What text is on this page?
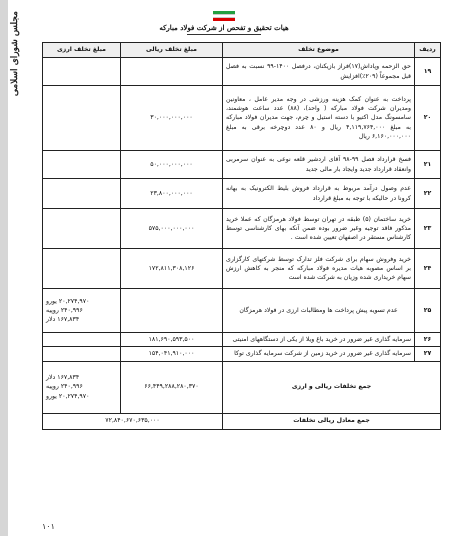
مجلس شورای اسلامی	هیات تحقیق و تفحص از شرکت فولاد مبارکه
ردیف	موضوع تخلف	مبلغ تخلف ریالی	مبلغ تخلف ارزی
۱۹	حق الزحمه وپاداش(۱۷)فراز بازیکنان، درفصل ۱۴۰۰-۹۹ نسبت به فصل قبل مجموعاً (۲۰۹٪)افزایش		
۲۰	پرداخت به عنوان کمک هزینه ورزشی در وجه مدیر عامل ، معاونین ومدیران شرکت فولاد مبارکه ( واحد)، (۸۸) عدد ساعت هوشمند، سامسونگ مدل اکتیو با دسته استیل و چرم، جهت مدیران فولاد مبارکه به مبلغ ۴,۱۱۹,۷۶۴,۰۰۰ ریال و ۸۰ عدد دوچرخه برقی به مبلغ ۶,۱۶۰,۰۰۰,۰۰۰ ریال	۳۰,۰۰۰,۰۰۰,۰۰۰	
۲۱	فسخ قرارداد فصل ۹۹-۹۸ آقای اردشیر قلعه نوعی به عنوان سرمربی وانعقاد قرارداد جدید وایجاد بار مالی جدید	۵۰,۰۰۰,۰۰۰,۰۰۰	
۲۲	عدم وصول درآمد مربوط به قرارداد فروش بلیط الکترونیک به بهانه کرونا در حالیکه با توجه به مبلغ قرارداد	۲۳,۸۰۰,۰۰۰,۰۰۰	
۲۳	خرید ساختمان (۵) طبقه در تهران توسط فولاد هرمزگان که عملا خرید مذکور فاقد توجیه وغیر ضرور بوده ضمن آنکه بهای کارشناسی توسط کارشناس مستقر در اصفهان تعیین شده است .	۵۷۵,۰۰۰,۰۰۰,۰۰۰	
۲۴	خرید وفروش سهام برای شرکت فلز تدارک توسط شرکتهای کارگزاری بر اساس مصوبه هیات مدیره فولاد مبارکه که منجر به کاهش ارزش سهام خریداری شده وزیان به شرکت شده است	۱۷۲,۸۱۱,۳۰۸,۱۲۶	
۲۵	عدم تسویه پیش پرداخت ها ومطالبات ارزی در فولاد هرمزگان		۲۰,۲۷۴,۹۷۰ یورو
۲۴۰,۹۹۶ روپیه
۱۶۷,۸۳۴ دلار

۲۶	سرمایه گذاری غیر ضرور در خرید باغ ویلا از یکی از دستگاههای امنیتی	۱۸۱,۶۹۰,۵۹۳,۵۰۰	
۲۷	سرمایه گذاری غیر ضرور در خرید زمین از شرکت سرمایه گذاری توکا	۱۵۴,۰۴۱,۹۱۰,۰۰۰	
جمع تخلفات ریالی و ارزی		۶۶,۴۴۹,۲۸۸,۲۸۰,۳۷۰	۱۶۷,۸۳۴ دلار
۲۴۰,۹۹۶ روپیه
۲۰,۲۷۴,۹۷۰ یورو

جمع معادل ریالی تخلفات		۷۲,۸۴۰,۶۷۰,۶۳۵,۰۰۰	
۱۰۱
